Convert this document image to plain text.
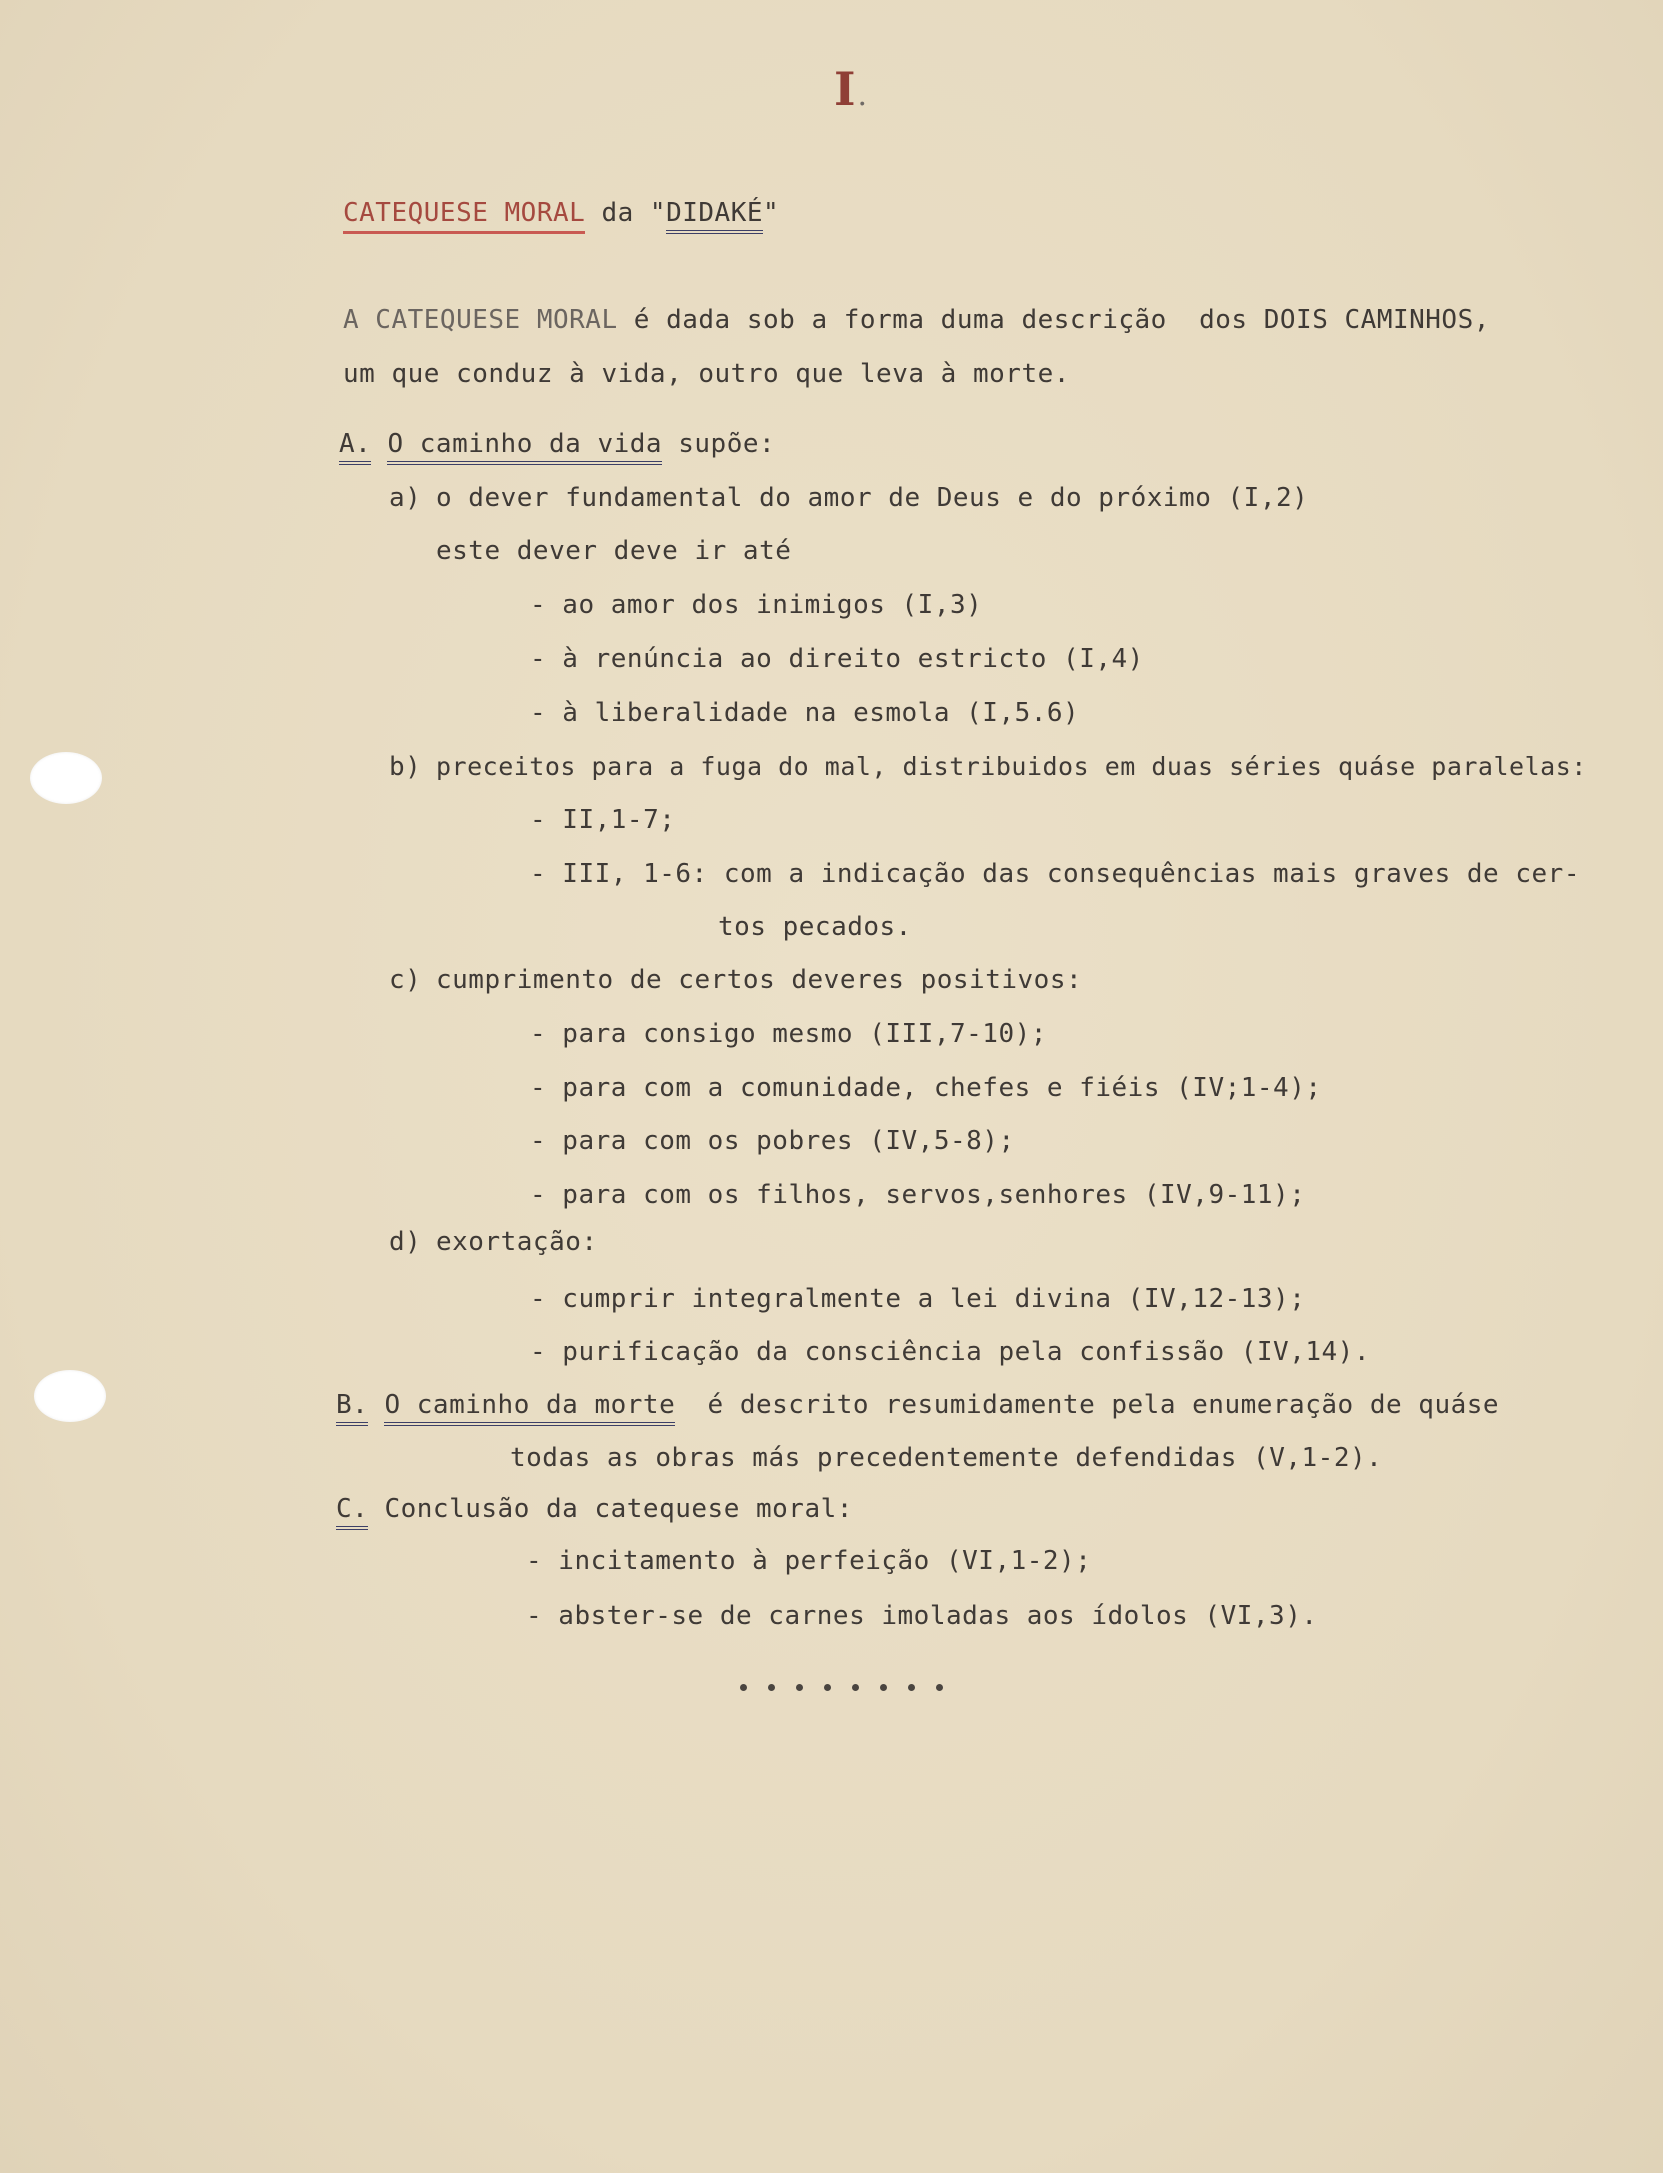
I.
CATEQUESE MORAL da "DIDAKÉ"
A CATEQUESE MORAL é dada sob a forma duma descrição  dos DOIS CAMINHOS,
um que conduz à vida, outro que leva à morte.
A. O caminho da vida supõe:
a) o dever fundamental do amor de Deus e do próximo (I,2)
este dever deve ir até
- ao amor dos inimigos (I,3)
- à renúncia ao direito estricto (I,4)
- à liberalidade na esmola (I,5.6)
b) preceitos para a fuga do mal, distribuidos em duas séries quáse paralelas:
- II,1-7;
- III, 1-6: com a indicação das consequências mais graves de cer-
tos pecados.
c) cumprimento de certos deveres positivos:
- para consigo mesmo (III,7-10);
- para com a comunidade, chefes e fiéis (IV;1-4);
- para com os pobres (IV,5-8);
- para com os filhos, servos,senhores (IV,9-11);
d) exortação:
- cumprir integralmente a lei divina (IV,12-13);
- purificação da consciência pela confissão (IV,14).
B. O caminho da morte  é descrito resumidamente pela enumeração de quáse
todas as obras más precedentemente defendidas (V,1-2).
C. Conclusão da catequese moral:
- incitamento à perfeição (VI,1-2);
- abster-se de carnes imoladas aos ídolos (VI,3).
